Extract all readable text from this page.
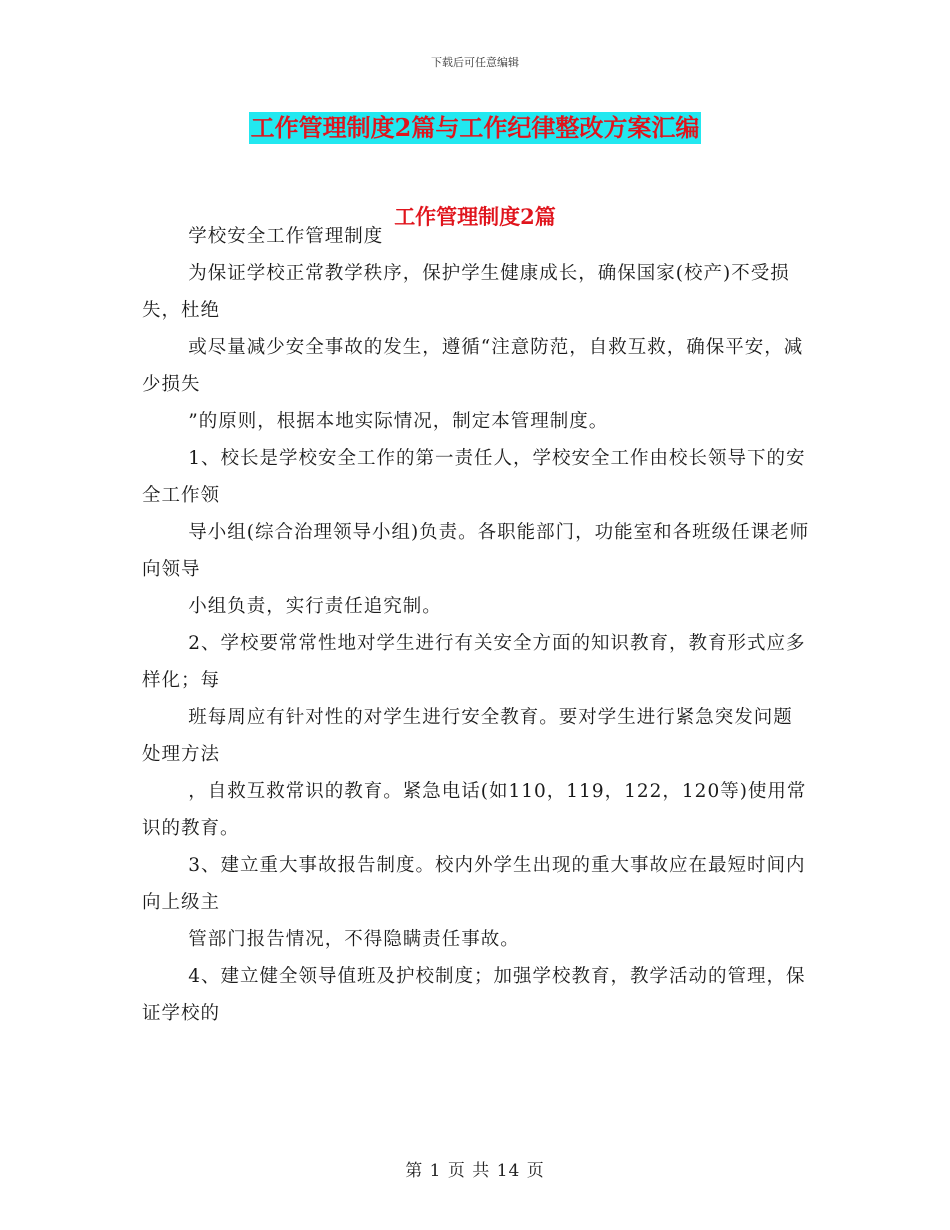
下载后可任意编辑
工作管理制度2篇与工作纪律整改方案汇编
工作管理制度2篇

学校安全工作管理制度

为保证学校正常教学秩序，保护学生健康成长，确保国家(校产)不受损失，杜绝

或尽量减少安全事故的发生，遵循“注意防范，自救互救，确保平安，减少损失

”的原则，根据本地实际情况，制定本管理制度。

1、校长是学校安全工作的第一责任人，学校安全工作由校长领导下的安全工作领

导小组(综合治理领导小组)负责。各职能部门，功能室和各班级任课老师向领导

小组负责，实行责任追究制。

2、学校要常常性地对学生进行有关安全方面的知识教育，教育形式应多样化；每

班每周应有针对性的对学生进行安全教育。要对学生进行紧急突发问题处理方法

，自救互救常识的教育。紧急电话(如110，119，122，120等)使用常识的教育。

3、建立重大事故报告制度。校内外学生出现的重大事故应在最短时间内向上级主

管部门报告情况，不得隐瞒责任事故。

4、建立健全领导值班及护校制度；加强学校教育，教学活动的管理，保证学校的

第 1 页 共 14 页
